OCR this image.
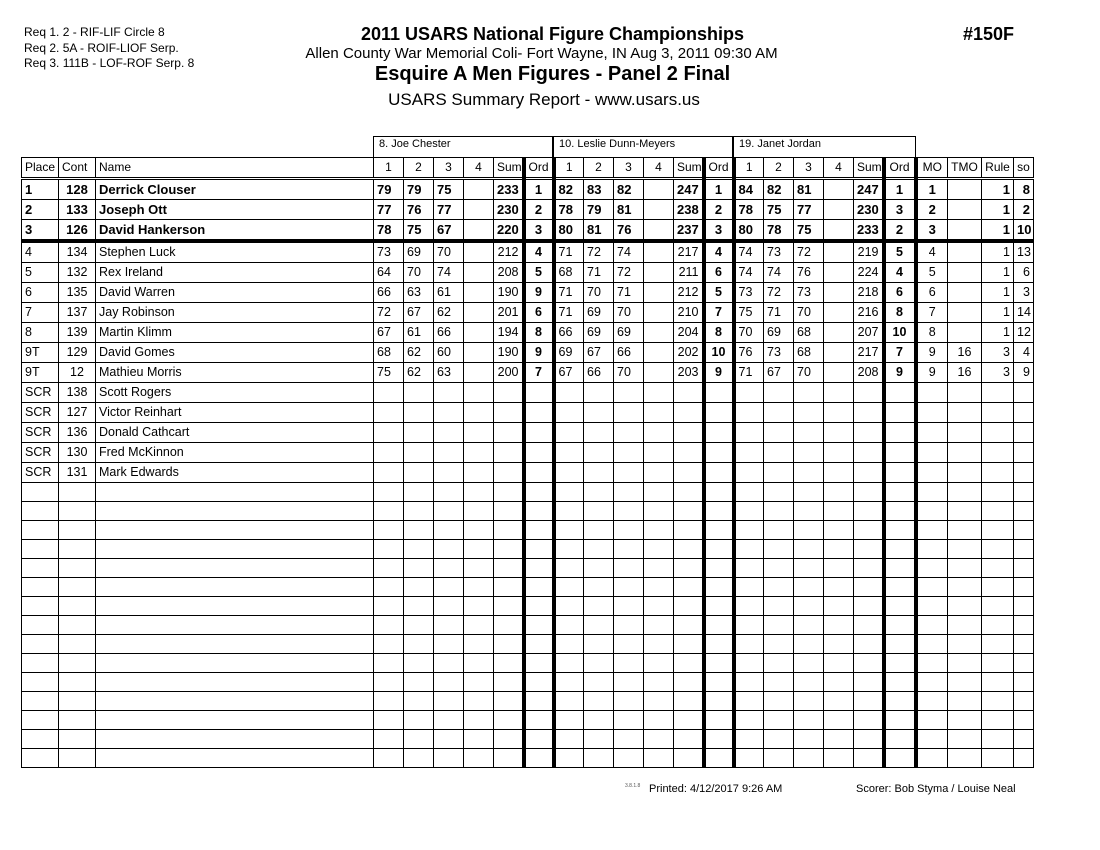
Req 1. 2 - RIF-LIF Circle 8
Req 2. 5A - ROIF-LIOF Serp.
Req 3. 111B - LOF-ROF Serp. 8
2011 USARS National Figure Championships
Allen County War Memorial Coli- Fort Wayne, IN Aug 3, 2011 09:30 AM
Esquire A Men Figures - Panel 2 Final
USARS Summary Report - www.usars.us
#150F
8. Joe Chester	10. Leslie Dunn-Meyers	19. Janet Jordan
Place	Cont	Name	1	2	3	4	Sum	Ord	1	2	3	4	Sum	Ord	1	2	3	4	Sum	Ord	MO	TMO	Rule	so
1	128	Derrick Clouser	79	79	75		233	1	82	83	82		247	1	84	82	81		247	1	1		1	8
2	133	Joseph Ott	77	76	77		230	2	78	79	81		238	2	78	75	77		230	3	2		1	2
3	126	David Hankerson	78	75	67		220	3	80	81	76		237	3	80	78	75		233	2	3		1	10
4	134	Stephen Luck	73	69	70		212	4	71	72	74		217	4	74	73	72		219	5	4		1	13
5	132	Rex Ireland	64	70	74		208	5	68	71	72		211	6	74	74	76		224	4	5		1	6
6	135	David Warren	66	63	61		190	9	71	70	71		212	5	73	72	73		218	6	6		1	3
7	137	Jay Robinson	72	67	62		201	6	71	69	70		210	7	75	71	70		216	8	7		1	14
8	139	Martin Klimm	67	61	66		194	8	66	69	69		204	8	70	69	68		207	10	8		1	12
9T	129	David Gomes	68	62	60		190	9	69	67	66		202	10	76	73	68		217	7	9	16	3	4
9T	12	Mathieu Morris	75	62	63		200	7	67	66	70		203	9	71	67	70		208	9	9	16	3	9
SCR	138	Scott Rogers																						
SCR	127	Victor Reinhart																						
SCR	136	Donald Cathcart																						
SCR	130	Fred McKinnon																						
SCR	131	Mark Edwards																						

3.8.1.8 Printed: 4/12/2017 9:26 AM	Scorer: Bob Styma / Louise Neal
